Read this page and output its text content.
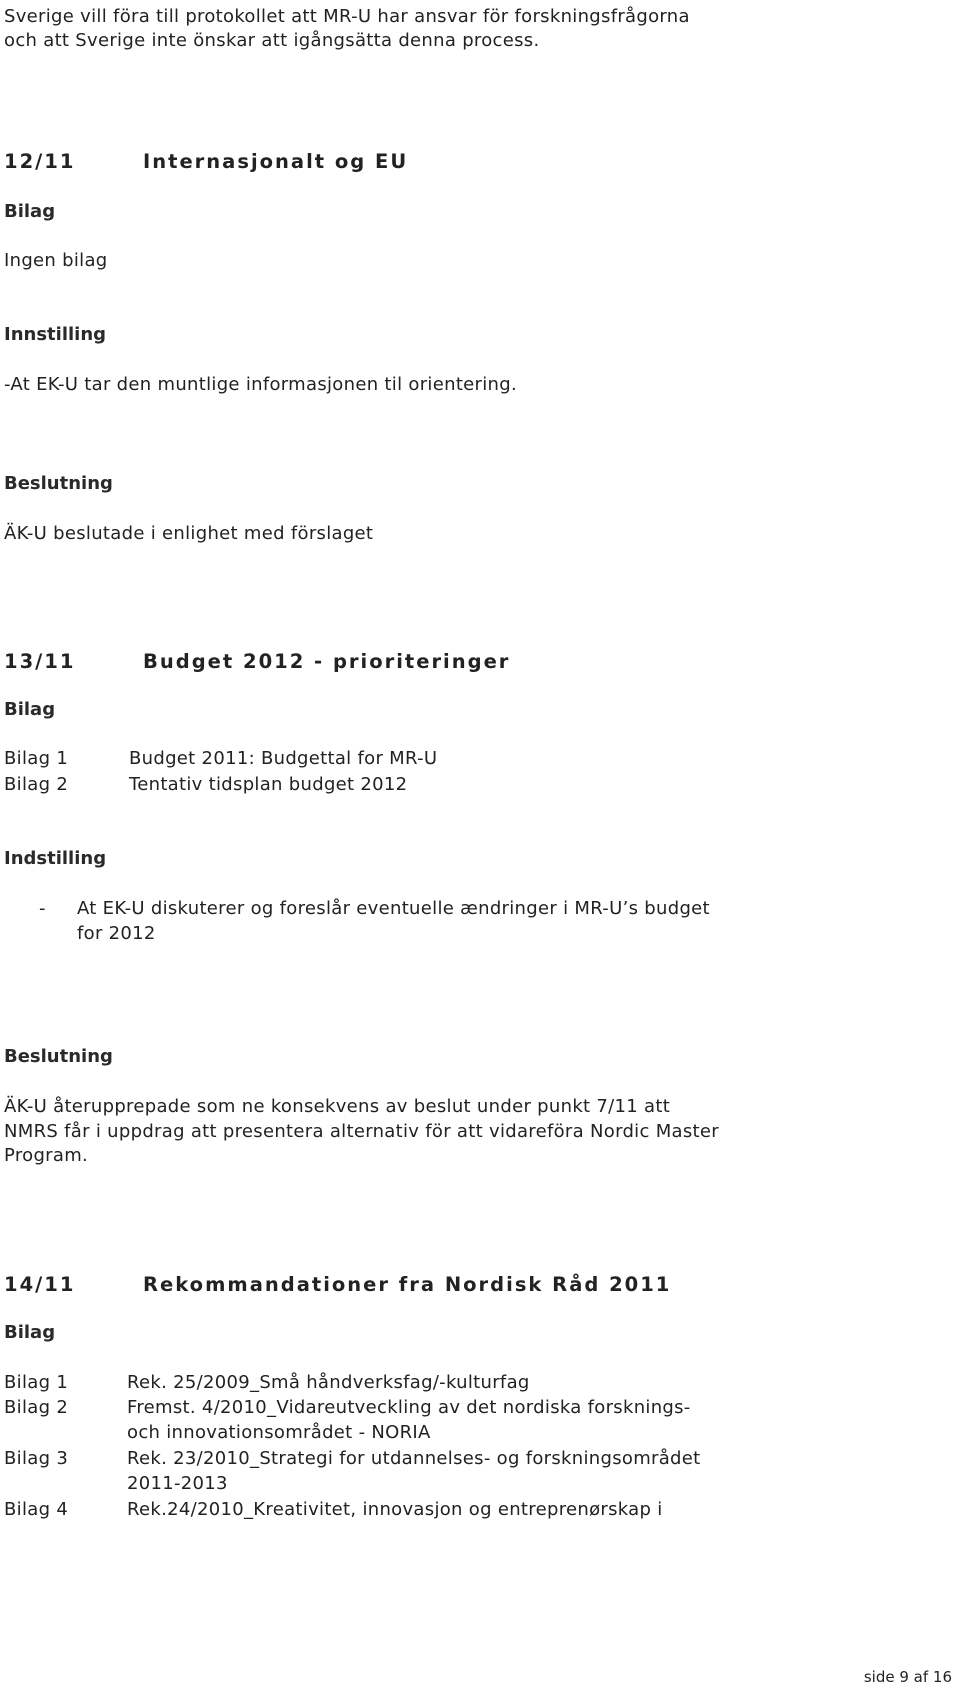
Sverige vill föra till protokollet att MR-U har ansvar för forskningsfrågorna
och att Sverige inte önskar att igångsätta denna process.
12/11	Internasjonalt og EU
Bilag
Ingen bilag
Innstilling
-At EK-U tar den muntlige informasjonen til orientering.
Beslutning
ÄK-U beslutade i enlighet med förslaget
13/11	Budget 2012 - prioriteringer
Bilag
Bilag 1	Budget 2011: Budgettal for MR-U
Bilag 2	Tentativ tidsplan budget 2012
Indstilling
- At EK-U diskuterer og foreslår eventuelle ændringer i MR-U’s budget
for 2012
Beslutning
ÄK-U återupprepade som ne konsekvens av beslut under punkt 7/11 att
NMRS får i uppdrag att presentera alternativ för att vidareföra Nordic Master
Program.
14/11	Rekommandationer fra Nordisk Råd 2011
Bilag
Bilag 1	Rek. 25/2009_Små håndverksfag/-kulturfag
Bilag 2	Fremst. 4/2010_Vidareutveckling av det nordiska forsknings-
och innovationsområdet - NORIA
Bilag 3	Rek. 23/2010_Strategi for utdannelses- og forskningsområdet
2011-2013
Bilag 4	Rek.24/2010_Kreativitet, innovasjon og entreprenørskap i
side 9 af 16
